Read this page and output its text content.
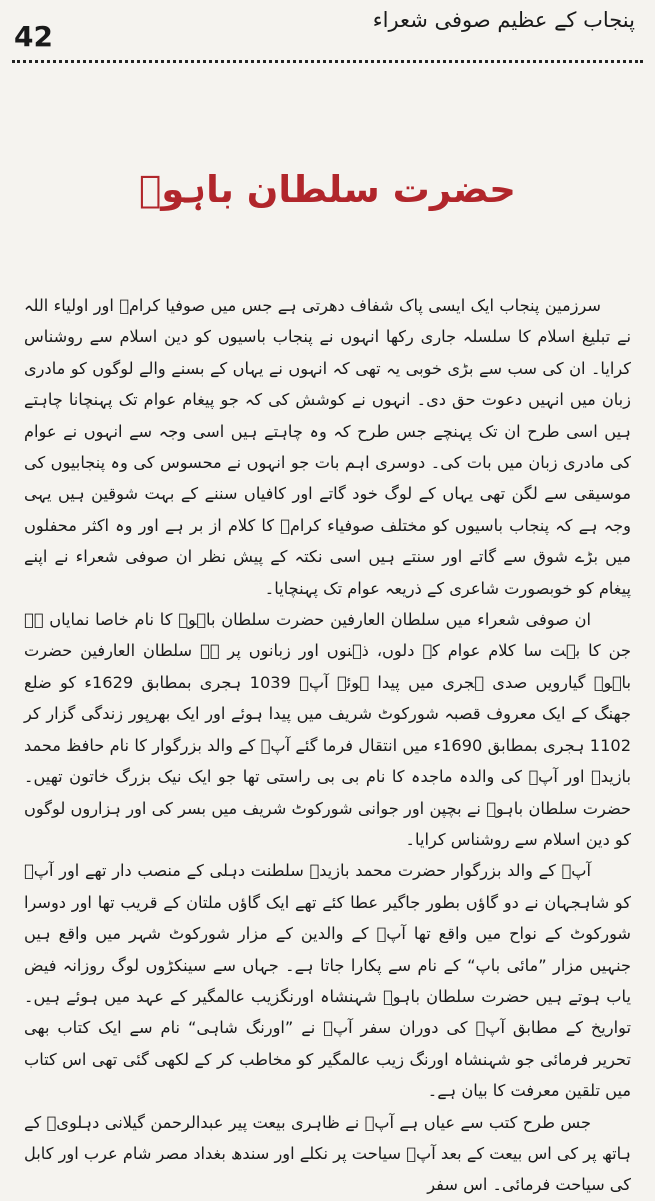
42	پنجاب کے عظیم صوفی شعراء
حضرت سلطان باہوؒ

سرزمین پنجاب ایک ایسی پاک شفاف دھرتی ہے جس میں صوفیا کرامؒ اور اولیاء اللہ نے تبلیغ اسلام کا سلسلہ جاری رکھا انہوں نے پنجاب باسیوں کو دین اسلام سے روشناس کرایا۔ ان کی سب سے بڑی خوبی یہ تھی کہ انہوں نے یہاں کے بسنے والے لوگوں کو مادری زبان میں انہیں دعوت حق دی۔ انہوں نے کوشش کی کہ جو پیغام عوام تک پہنچانا چاہتے ہیں اسی طرح ان تک پہنچے جس طرح کہ وہ چاہتے ہیں اسی وجہ سے انہوں نے عوام کی مادری زبان میں بات کی۔ دوسری اہم بات جو انہوں نے محسوس کی وہ پنجابیوں کی موسیقی سے لگن تھی یہاں کے لوگ خود گاتے اور کافیاں سننے کے بہت شوقین ہیں یہی وجہ ہے کہ پنجاب باسیوں کو مختلف صوفیاء کرامؒ کا کلام از بر ہے اور وہ اکثر محفلوں میں بڑے شوق سے گاتے اور سنتے ہیں اسی نکتہ کے پیش نظر ان صوفی شعراء نے اپنے پیغام کو خوبصورت شاعری کے ذریعہ عوام تک پہنچایا۔

ان صوفی شعراء میں سلطان العارفین حضرت سلطان باہوؒ کا نام خاصا نمایاں ہے جن کا بہت سا کلام عوام کے دلوں، ذہنوں اور زبانوں پر ہے سلطان العارفین حضرت باہوؒ گیارویں صدی ہجری میں پیدا ہوئے آپؒ 1039 ہجری بمطابق 1629ء کو ضلع جھنگ کے ایک معروف قصبہ شورکوٹ شریف میں پیدا ہوئے اور ایک بھرپور زندگی گزار کر 1102 ہجری بمطابق 1690ء میں انتقال فرما گئے آپؒ کے والد بزرگوار کا نام حافظ محمد بازیدؒ اور آپؒ کی والدہ ماجدہ کا نام بی بی راستی تھا جو ایک نیک بزرگ خاتون تھیں۔ حضرت سلطان باہوؒ نے بچپن اور جوانی شورکوٹ شریف میں بسر کی اور ہزاروں لوگوں کو دین اسلام سے روشناس کرایا۔

آپؒ کے والد بزرگوار حضرت محمد بازیدؒ سلطنت دہلی کے منصب دار تھے اور آپؒ کو شاہجہان نے دو گاؤں بطور جاگیر عطا کئے تھے ایک گاؤں ملتان کے قریب تھا اور دوسرا شورکوٹ کے نواح میں واقع تھا آپؒ کے والدین کے مزار شورکوٹ شہر میں واقع ہیں جنہیں مزار ”مائی باپ“ کے نام سے پکارا جاتا ہے۔ جہاں سے سینکڑوں لوگ روزانہ فیض یاب ہوتے ہیں حضرت سلطان باہوؒ شہنشاہ اورنگزیب عالمگیر کے عہد میں ہوئے ہیں۔ تواریخ کے مطابق آپؒ کی دوران سفر آپؒ نے ”اورنگ شاہی“ نام سے ایک کتاب بھی تحریر فرمائی جو شہنشاہ اورنگ زیب عالمگیر کو مخاطب کر کے لکھی گئی تھی اس کتاب میں تلقین معرفت کا بیان ہے۔

جس طرح کتب سے عیاں ہے آپؒ نے ظاہری بیعت پیر عبدالرحمن گیلانی دہلویؒ کے ہاتھ پر کی اس بیعت کے بعد آپؒ سیاحت پر نکلے اور سندھ بغداد مصر شام عرب اور کابل کی سیاحت فرمائی۔ اس سفر
